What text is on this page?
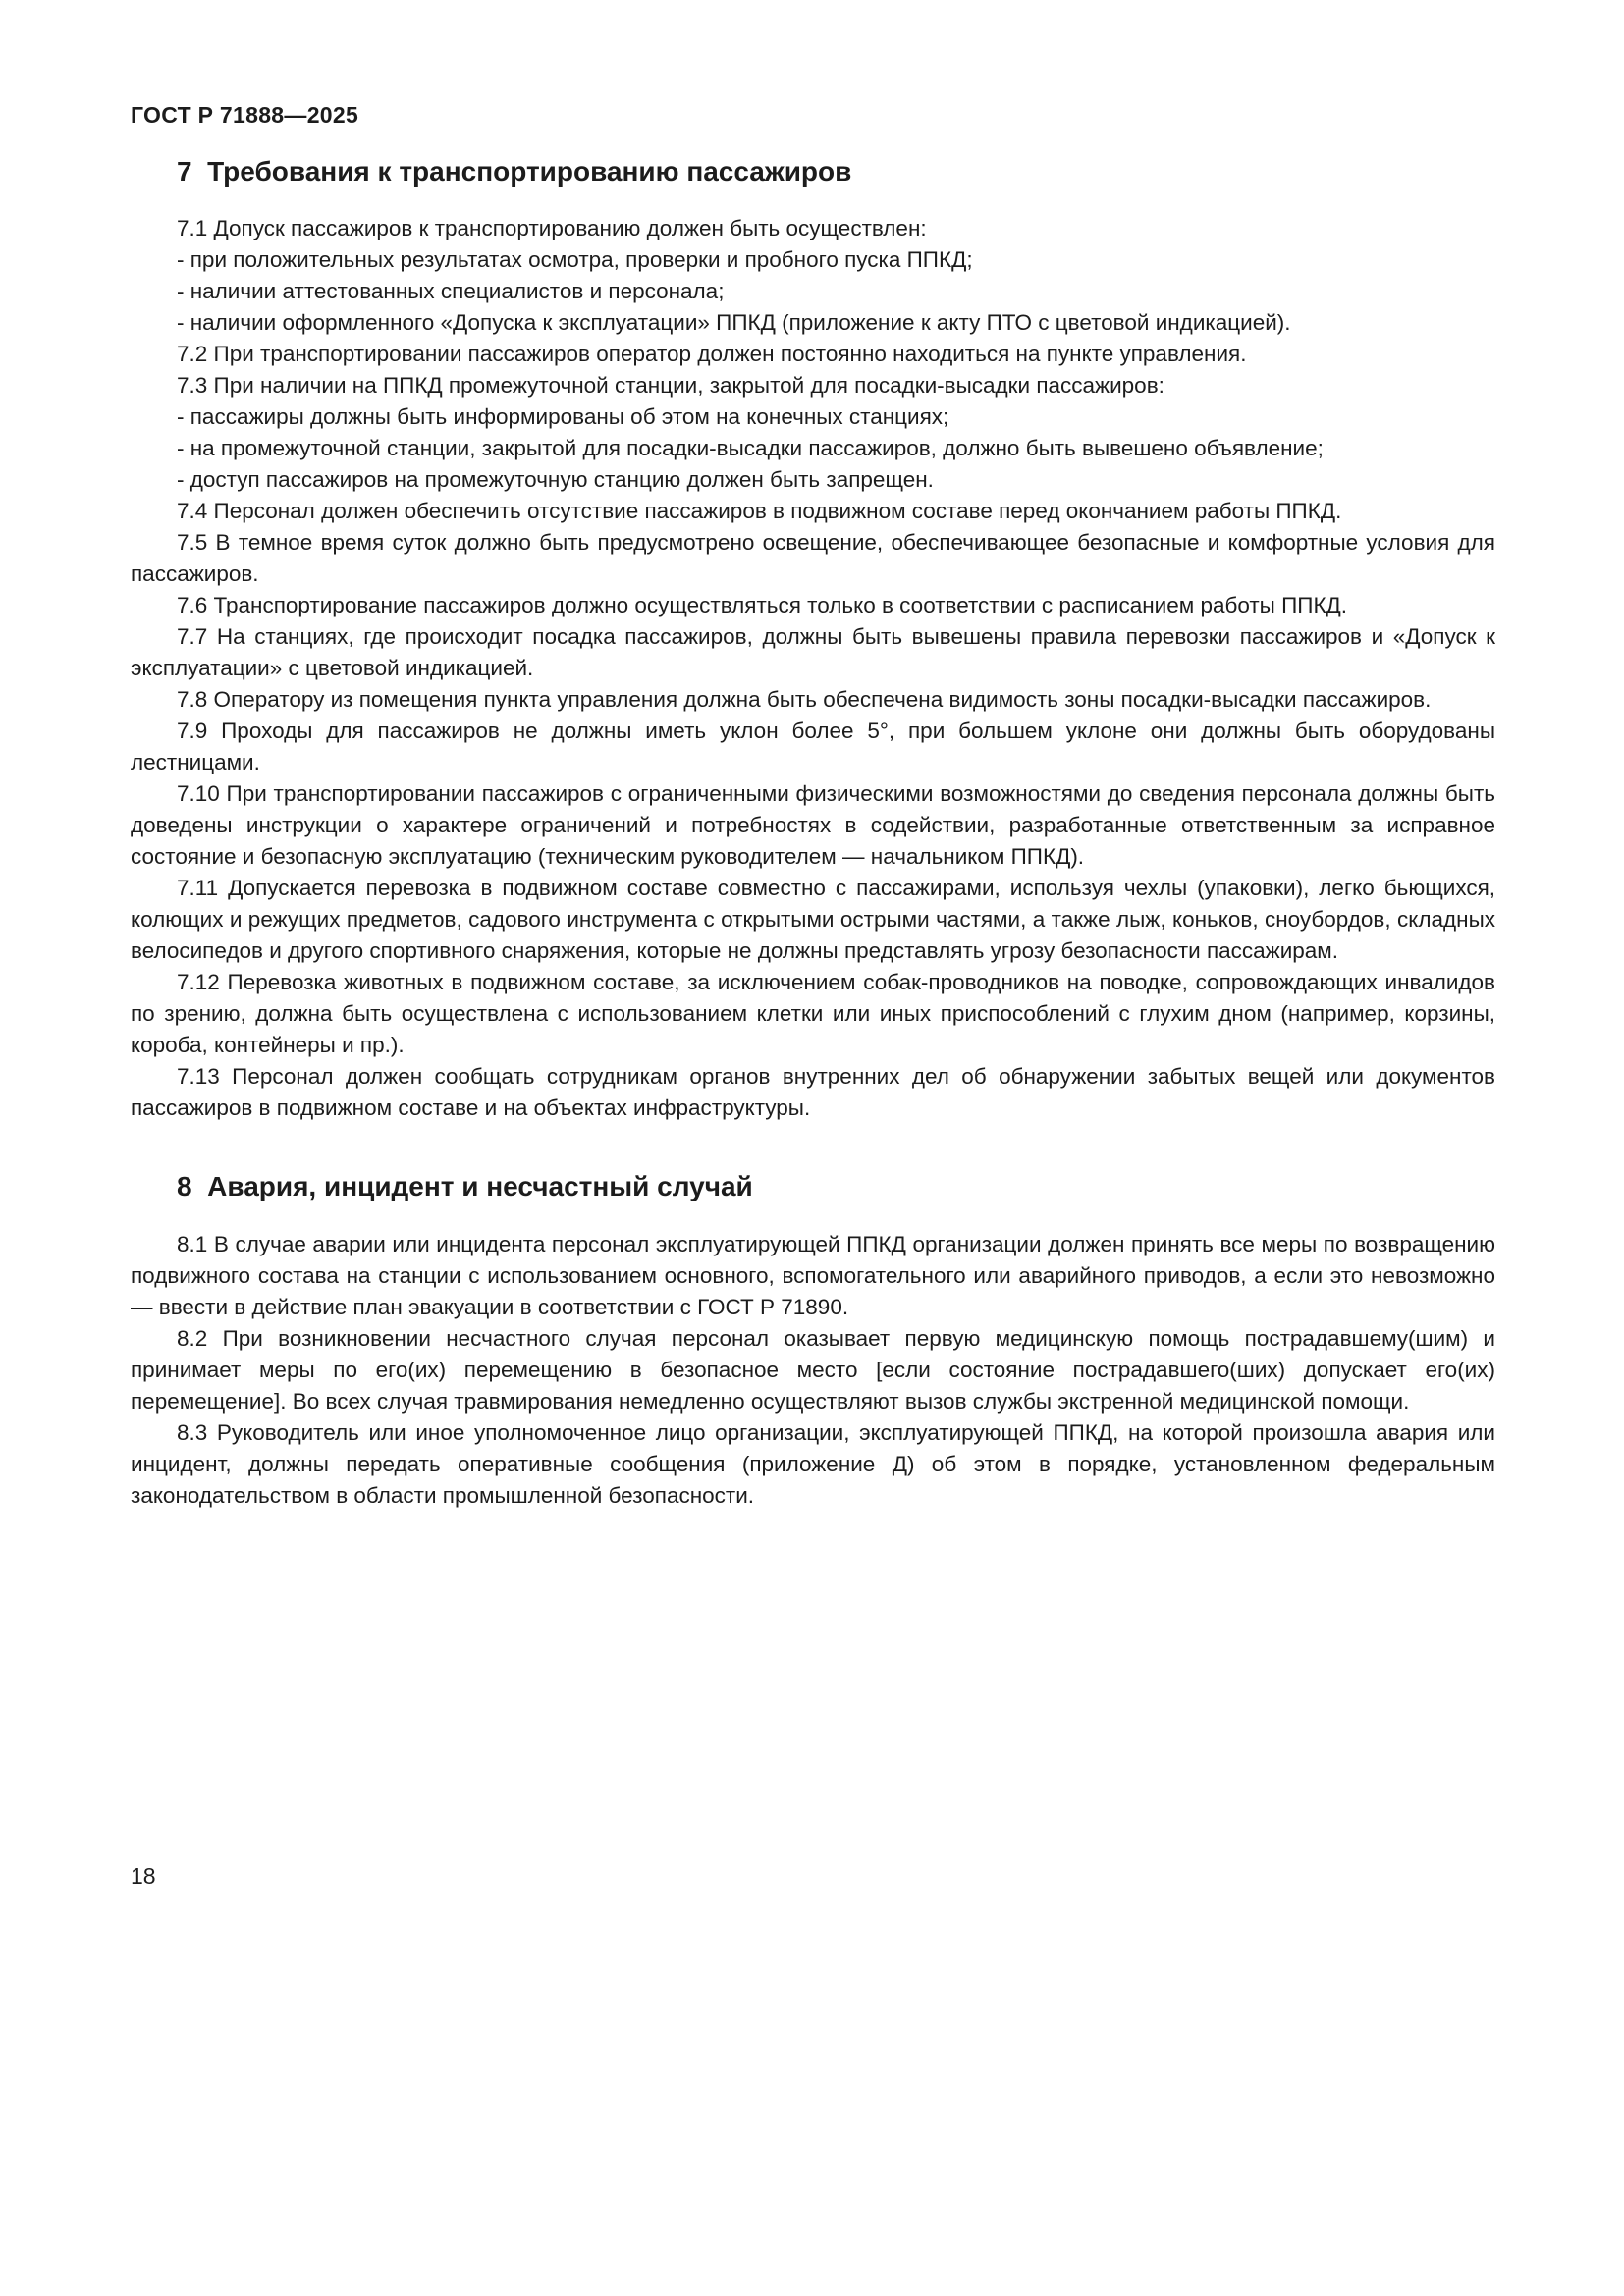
ГОСТ Р 71888—2025
7  Требования к транспортированию пассажиров

7.1 Допуск пассажиров к транспортированию должен быть осуществлен:

- при положительных результатах осмотра, проверки и пробного пуска ППКД;

- наличии аттестованных специалистов и персонала;

- наличии оформленного «Допуска к эксплуатации» ППКД (приложение к акту ПТО с цветовой индикацией).

7.2 При транспортировании пассажиров оператор должен постоянно находиться на пункте управления.

7.3 При наличии на ППКД промежуточной станции, закрытой для посадки-высадки пассажиров:

- пассажиры должны быть информированы об этом на конечных станциях;

- на промежуточной станции, закрытой для посадки-высадки пассажиров, должно быть вывешено объявление;

- доступ пассажиров на промежуточную станцию должен быть запрещен.

7.4 Персонал должен обеспечить отсутствие пассажиров в подвижном составе перед окончанием работы ППКД.

7.5 В темное время суток должно быть предусмотрено освещение, обеспечивающее безопасные и комфортные условия для пассажиров.

7.6 Транспортирование пассажиров должно осуществляться только в соответствии с расписанием работы ППКД.

7.7 На станциях, где происходит посадка пассажиров, должны быть вывешены правила перевозки пассажиров и «Допуск к эксплуатации» с цветовой индикацией.

7.8 Оператору из помещения пункта управления должна быть обеспечена видимость зоны посадки-высадки пассажиров.

7.9 Проходы для пассажиров не должны иметь уклон более 5°, при большем уклоне они должны быть оборудованы лестницами.

7.10 При транспортировании пассажиров с ограниченными физическими возможностями до сведения персонала должны быть доведены инструкции о характере ограничений и потребностях в содействии, разработанные ответственным за исправное состояние и безопасную эксплуатацию (техническим руководителем — начальником ППКД).

7.11 Допускается перевозка в подвижном составе совместно с пассажирами, используя чехлы (упаковки), легко бьющихся, колющих и режущих предметов, садового инструмента с открытыми острыми частями, а также лыж, коньков, сноубордов, складных велосипедов и другого спортивного снаряжения, которые не должны представлять угрозу безопасности пассажирам.

7.12 Перевозка животных в подвижном составе, за исключением собак-проводников на поводке, сопровождающих инвалидов по зрению, должна быть осуществлена с использованием клетки или иных приспособлений с глухим дном (например, корзины, короба, контейнеры и пр.).

7.13 Персонал должен сообщать сотрудникам органов внутренних дел об обнаружении забытых вещей или документов пассажиров в подвижном составе и на объектах инфраструктуры.

8  Авария, инцидент и несчастный случай

8.1 В случае аварии или инцидента персонал эксплуатирующей ППКД организации должен принять все меры по возвращению подвижного состава на станции с использованием основного, вспомогательного или аварийного приводов, а если это невозможно — ввести в действие план эвакуации в соответствии с ГОСТ Р 71890.

8.2 При возникновении несчастного случая персонал оказывает первую медицинскую помощь пострадавшему(шим) и принимает меры по его(их) перемещению в безопасное место [если состояние пострадавшего(ших) допускает его(их) перемещение]. Во всех случая травмирования немедленно осуществляют вызов службы экстренной медицинской помощи.

8.3 Руководитель или иное уполномоченное лицо организации, эксплуатирующей ППКД, на которой произошла авария или инцидент, должны передать оперативные сообщения (приложение Д) об этом в порядке, установленном федеральным законодательством в области промышленной безопасности.

18
